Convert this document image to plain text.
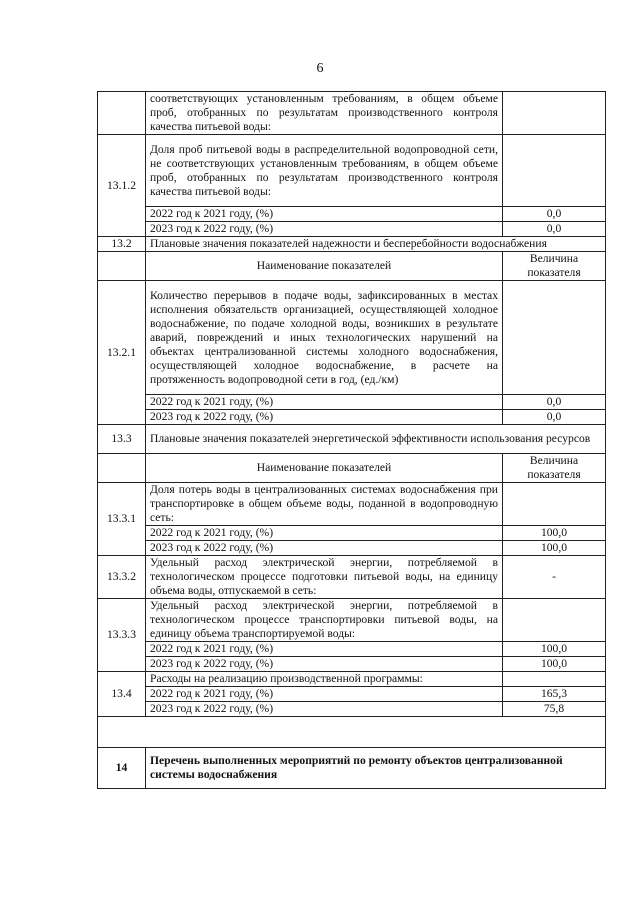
6
	соответствующих установленным требованиям, в общем объеме проб, отобранных по результатам производственного контроля качества питьевой воды:	
13.1.2	Доля проб питьевой воды в распределительной водопроводной сети, не соответствующих установленным требованиям, в общем объеме проб, отобранных по результатам производственного контроля качества питьевой воды:	
	2022 год к 2021 году, (%)	0,0
	2023 год к 2022 году, (%)	0,0
13.2	Плановые значения показателей надежности и бесперебойности водоснабжения	
	Наименование показателей	Величина показателя
13.2.1	Количество перерывов в подаче воды, зафиксированных в местах исполнения обязательств организацией, осуществляющей холодное водоснабжение, по подаче холодной воды, возникших в результате аварий, повреждений и иных технологических нарушений на объектах централизованной системы холодного водоснабжения, осуществляющей холодное водоснабжение, в расчете на протяженность водопроводной сети в год, (ед./км)	
	2022 год к 2021 году, (%)	0,0
	2023 год к 2022 году, (%)	0,0
13.3	Плановые значения показателей энергетической эффективности использования ресурсов	
	Наименование показателей	Величина показателя
13.3.1	Доля потерь воды в централизованных системах водоснабжения при транспортировке в общем объеме воды, поданной в водопроводную сеть:	
	2022 год к 2021 году, (%)	100,0
	2023 год к 2022 году, (%)	100,0
13.3.2	Удельный расход электрической энергии, потребляемой в технологическом процессе подготовки питьевой воды, на единицу объема воды, отпускаемой в сеть:	-
13.3.3	Удельный расход электрической энергии, потребляемой в технологическом процессе транспортировки питьевой воды, на единицу объема транспортируемой воды:	
	2022 год к 2021 году, (%)	100,0
	2023 год к 2022 году, (%)	100,0
13.4	Расходы на реализацию производственной программы:	
	2022 год к 2021 году, (%)	165,3
	2023 год к 2022 году, (%)	75,8

14	Перечень выполненных мероприятий по ремонту объектов централизованной системы водоснабжения	
